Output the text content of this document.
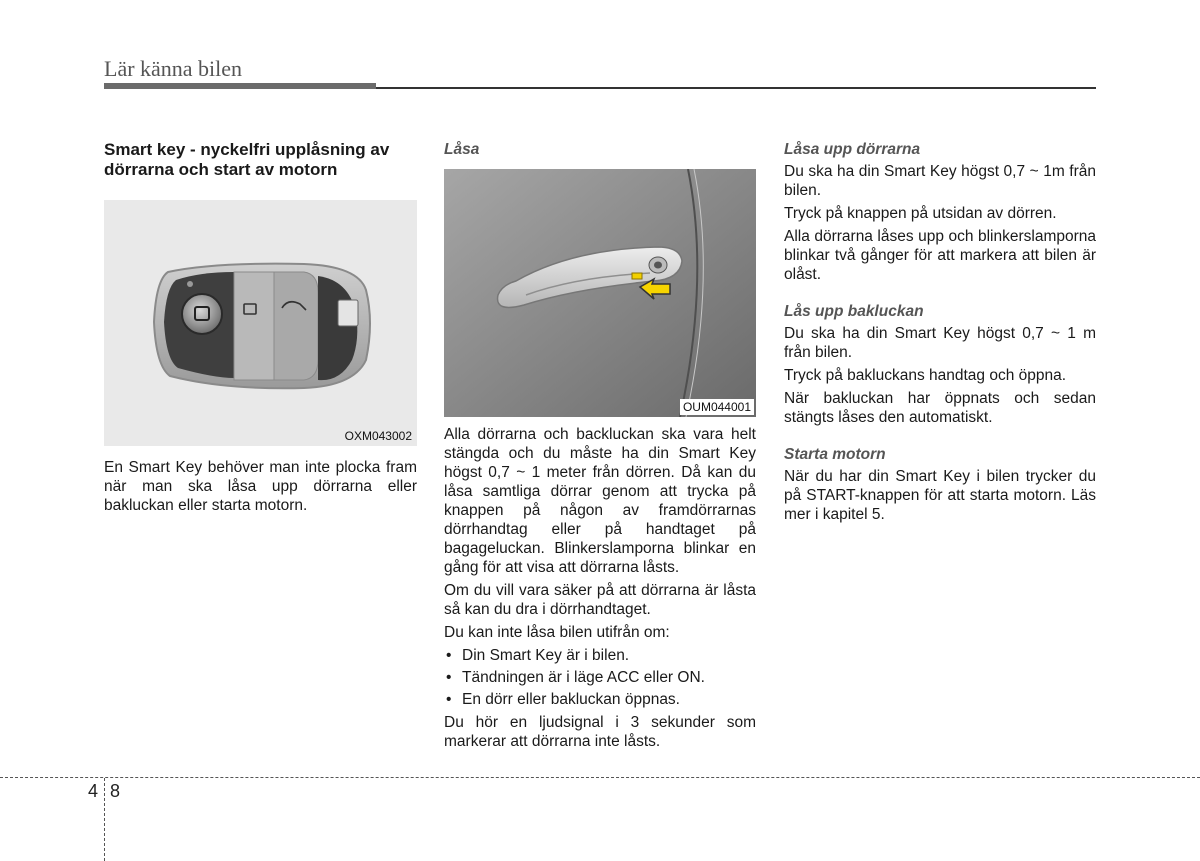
Lär känna bilen
Smart key - nyckelfri upplåsning av dörrarna och start av motorn
OXM043002

En Smart Key behöver man inte plocka fram när man ska låsa upp dörrarna eller bakluckan eller starta motorn.

Låsa
OUM044001

Alla dörrarna och backluckan ska vara helt stängda och du måste ha din Smart Key högst 0,7 ~ 1 meter från dörren. Då kan du låsa samtliga dörrar genom att trycka på knappen på någon av framdörrarnas dörrhandtag eller på handtaget på bagageluckan. Blinkerslamporna blinkar en gång för att visa att dörrarna låsts.

Om du vill vara säker på att dörrarna är låsta så kan du dra i dörrhandtaget.

Du kan inte låsa bilen utifrån om:

• Din Smart Key är i bilen.
• Tändningen är i läge ACC eller ON.
• En dörr eller bakluckan öppnas.

Du hör en ljudsignal i 3 sekunder som markerar att dörrarna inte låsts.

Låsa upp dörrarna

Du ska ha din Smart Key högst 0,7 ~ 1m från bilen.

Tryck på knappen på utsidan av dörren.

Alla dörrarna låses upp och blinkerslamporna blinkar två gånger för att markera att bilen är olåst.

Lås upp bakluckan

Du ska ha din Smart Key högst 0,7 ~ 1 m från bilen.

Tryck på bakluckans handtag och öppna.

När bakluckan har öppnats och sedan stängts låses den automatiskt.

Starta motorn

När du har din Smart Key i bilen trycker du på START-knappen för att starta motorn. Läs mer i kapitel 5.

4 8
